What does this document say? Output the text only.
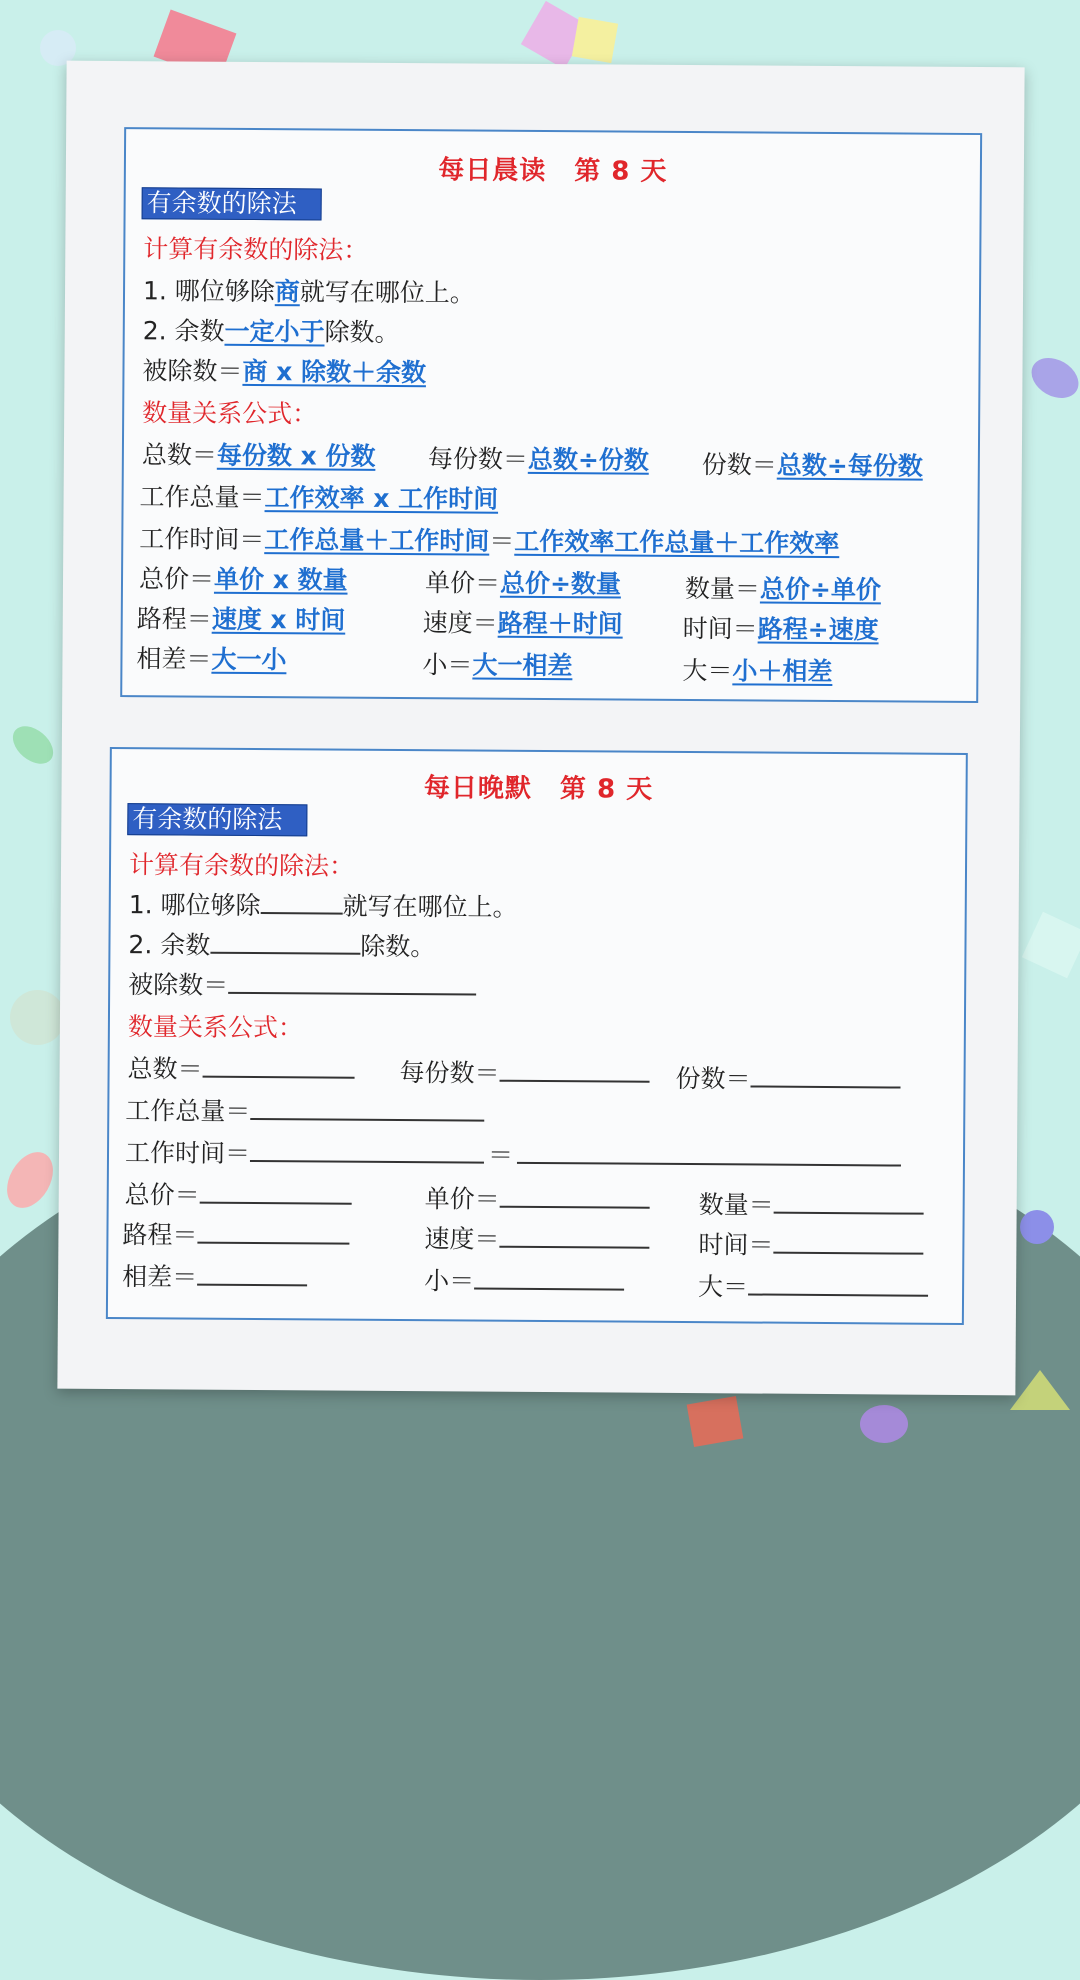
每日晨读 第 8 天
有余数的除法
计算有余数的除法：
1. 哪位够除商就写在哪位上。
2. 余数一定小于除数。
被除数＝商 x 除数＋余数
数量关系公式：
总数＝每份数 x 份数 每份数＝总数÷份数 份数＝总数÷每份数
工作总量＝工作效率 x 工作时间
工作时间＝工作总量＋工作时间＝工作效率工作总量＋工作效率
总价＝单价 x 数量	单价＝总价÷数量	数量＝总价÷单价
路程＝速度 x 时间	速度＝路程＋时间 时间＝路程÷速度
相差＝大一小	小＝大一相差	大＝小＋相差
每日晚默 第 8 天
有余数的除法
计算有余数的除法：
1. 哪位够除	就写在哪位上。
2. 余数	除数。
被除数＝
数量关系公式：
总数＝	每份数＝	份数＝
工作总量＝
工作时间＝	＝
总价＝	单价＝	数量＝
路程＝	速度＝	时间＝
相差＝	小＝	大＝
